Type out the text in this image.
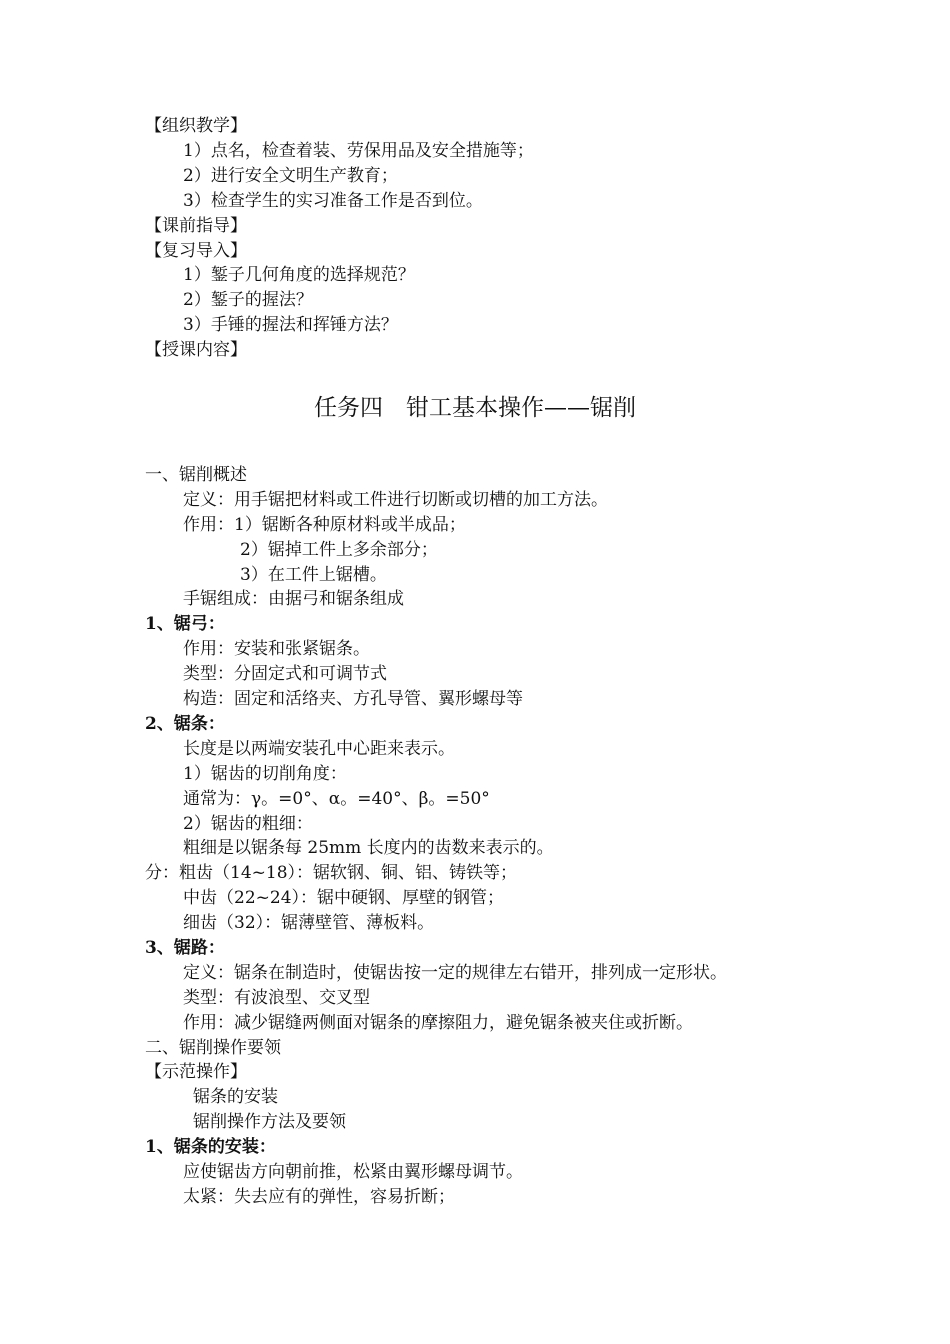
【组织教学】
1）点名，检查着装、劳保用品及安全措施等；
2）进行安全文明生产教育；
3）检查学生的实习准备工作是否到位。
【课前指导】
【复习导入】
1）錾子几何角度的选择规范？
2）錾子的握法？
3）手锤的握法和挥锤方法？
【授课内容】
任务四　钳工基本操作——锯削
一、锯削概述
定义：用手锯把材料或工件进行切断或切槽的加工方法。
作用：1）锯断各种原材料或半成品；
2）锯掉工件上多余部分；
3）在工件上锯槽。
手锯组成：由据弓和锯条组成
1、锯弓：
作用：安装和张紧锯条。
类型：分固定式和可调节式
构造：固定和活络夹、方孔导管、翼形螺母等
2、锯条：
长度是以两端安装孔中心距来表示。
1）锯齿的切削角度：
通常为：γ。=0°、α。=40°、β。=50°
2）锯齿的粗细：
粗细是以锯条每 25mm 长度内的齿数来表示的。
分：粗齿（14~18）：锯软钢、铜、铝、铸铁等；
中齿（22~24）：锯中硬钢、厚壁的钢管；
细齿（32）：锯薄壁管、薄板料。
3、锯路：
定义：锯条在制造时，使锯齿按一定的规律左右错开，排列成一定形状。
类型：有波浪型、交叉型
作用：减少锯缝两侧面对锯条的摩擦阻力，避免锯条被夹住或折断。
二、锯削操作要领
【示范操作】
锯条的安装
锯削操作方法及要领
1、锯条的安装：
应使锯齿方向朝前推，松紧由翼形螺母调节。
太紧：失去应有的弹性，容易折断；
